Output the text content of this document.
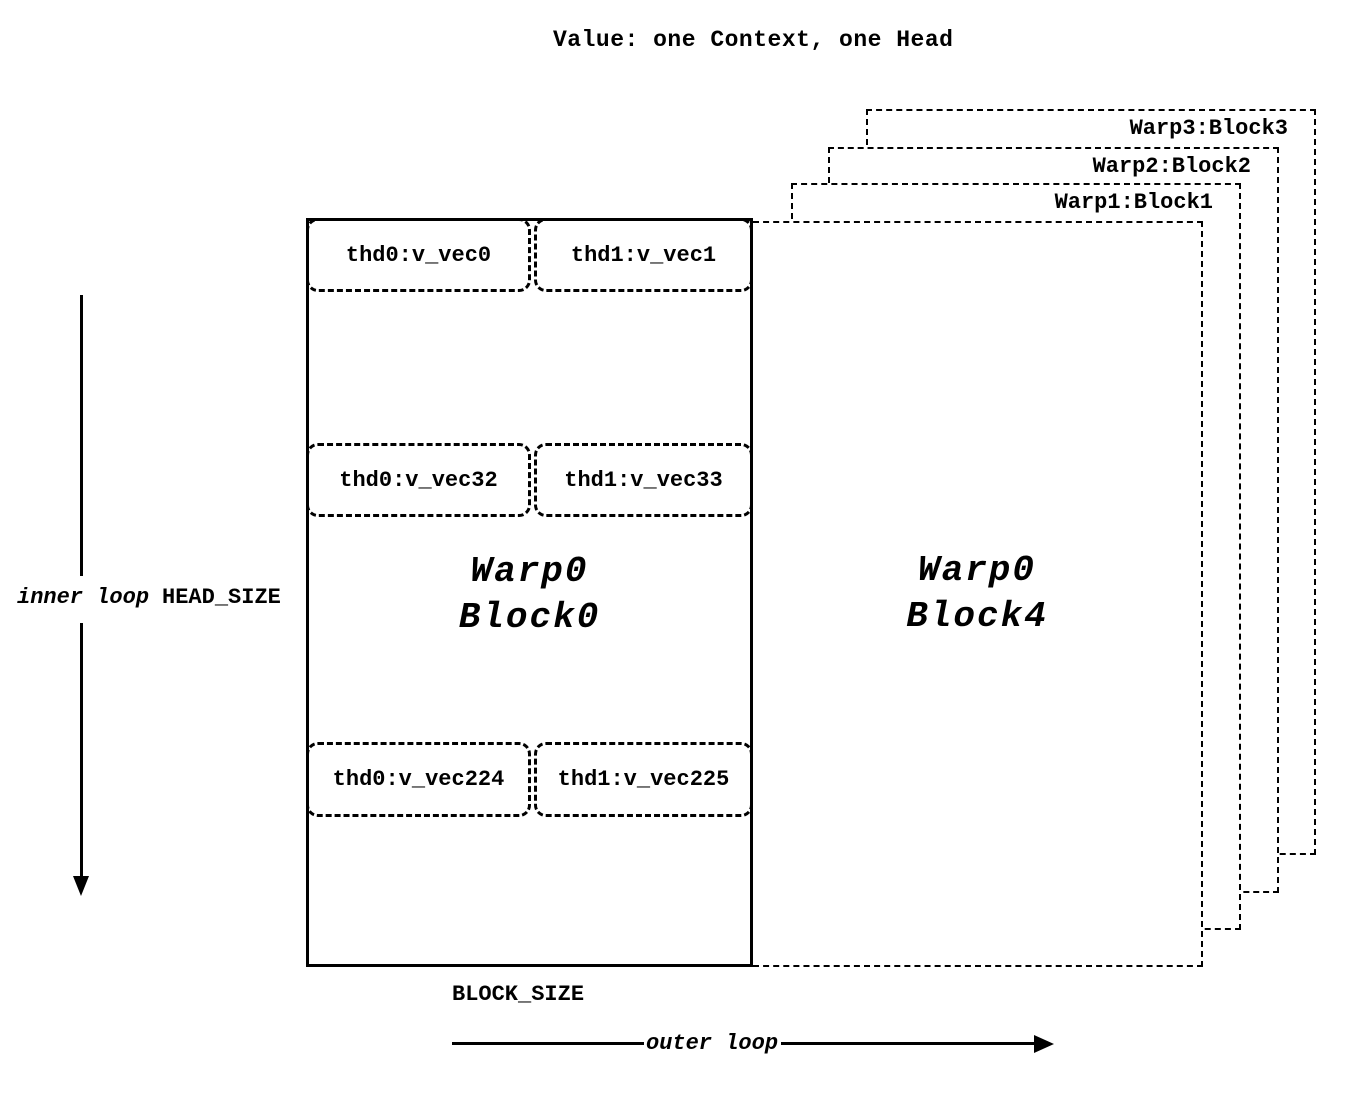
Value: one Context, one Head
Warp3:Block3
Warp2:Block2
Warp1:Block1
Warp0
Block4
Warp0
Block0
thd0:v_vec0	thd1:v_vec1
thd0:v_vec32	thd1:v_vec33
thd0:v_vec224 thd1:v_vec225
inner loop HEAD_SIZE
BLOCK_SIZE
outer loop
